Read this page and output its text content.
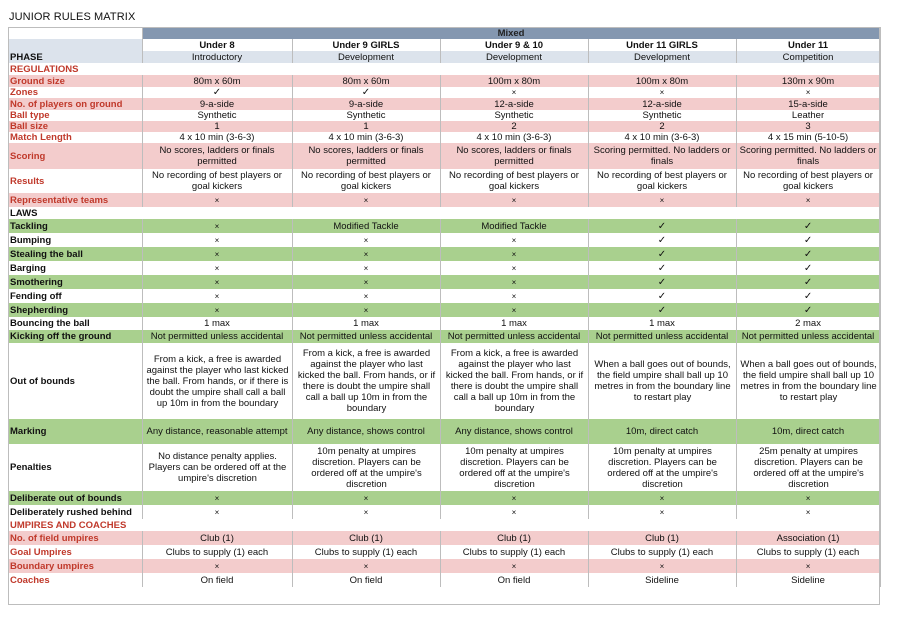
JUNIOR RULES MATRIX
	Mixed				
	Under 8	Under 9 GIRLS	Under 9 & 10	Under 11 GIRLS	Under 11
PHASE	Introductory	Development	Development	Development	Competition
REGULATIONS					
Ground size	80m x 60m	80m x 60m	100m x 80m	100m x 80m	130m x 90m
Zones	✓	✓	×	×	×
No. of players on ground	9-a-side	9-a-side	12-a-side	12-a-side	15-a-side
Ball type	Synthetic	Synthetic	Synthetic	Synthetic	Leather
Ball size	1	1	2	2	3
Match Length	4 x 10 min (3-6-3)	4 x 10 min (3-6-3)	4 x 10 min (3-6-3)	4 x 10 min (3-6-3)	4 x 15 min (5-10-5)
Scoring	No scores, ladders or finals permitted	No scores, ladders or finals permitted	No scores, ladders or finals permitted	Scoring permitted. No ladders or finals	Scoring permitted. No ladders or finals
Results	No recording of best players or goal kickers	No recording of best players or goal kickers	No recording of best players or goal kickers	No recording of best players or goal kickers	No recording of best players or goal kickers
Representative teams	×	×	×	×	×
LAWS					
Tackling	×	Modified Tackle	Modified Tackle	✓	✓
Bumping	×	×	×	✓	✓
Stealing the ball	×	×	×	✓	✓
Barging	×	×	×	✓	✓
Smothering	×	×	×	✓	✓
Fending off	×	×	×	✓	✓
Shepherding	×	×	×	✓	✓
Bouncing the ball	1 max	1 max	1 max	1 max	2 max
Kicking off the ground	Not permitted unless accidental	Not permitted unless accidental	Not permitted unless accidental	Not permitted unless accidental	Not permitted unless accidental
Out of bounds	From a kick, a free is awarded against the player who last kicked the ball. From hands, or if there is doubt the umpire shall call a ball up 10m in from the boundary	From a kick, a free is awarded against the player who last kicked the ball. From hands, or if there is doubt the umpire shall call a ball up 10m in from the boundary	From a kick, a free is awarded against the player who last kicked the ball. From hands, or if there is doubt the umpire shall call a ball up 10m in from the boundary	When a ball goes out of bounds, the field umpire shall ball up 10 metres in from the boundary line to restart play	When a ball goes out of bounds, the field umpire shall ball up 10 metres in from the boundary line to restart play
Marking	Any distance, reasonable attempt	Any distance, shows control	Any distance, shows control	10m, direct catch	10m, direct catch
Penalties	No distance penalty applies. Players can be ordered off at the umpire's discretion	10m penalty at umpires discretion. Players can be ordered off at the umpire's discretion	10m penalty at umpires discretion. Players can be ordered off at the umpire's discretion	10m penalty at umpires discretion. Players can be ordered off at the umpire's discretion	25m penalty at umpires discretion. Players can be ordered off at the umpire's discretion
Deliberate out of bounds	×	×	×	×	×
Deliberately rushed behind	×	×	×	×	×
UMPIRES AND COACHES					
No. of field umpires	Club (1)	Club (1)	Club (1)	Club (1)	Association (1)
Goal Umpires	Clubs to supply (1) each	Clubs to supply (1) each	Clubs to supply (1) each	Clubs to supply (1) each	Clubs to supply (1) each
Boundary umpires	×	×	×	×	×
Coaches	On field	On field	On field	Sideline	Sideline
